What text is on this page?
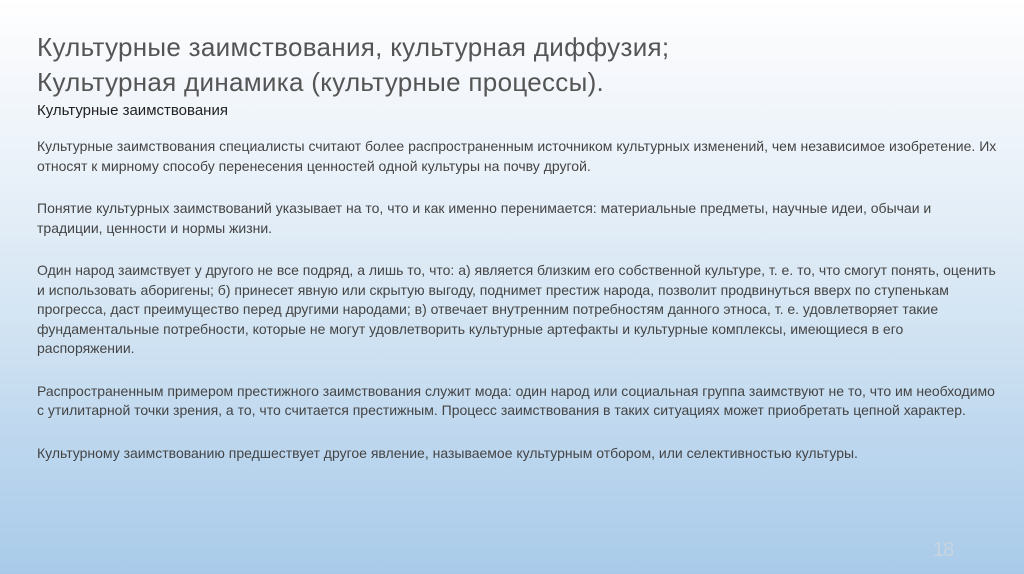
Культурные заимствования, культурная диффузия;
Культурная динамика (культурные процессы).
Культурные заимствования

Культурные заимствования специалисты считают более распространенным источником культурных изменений, чем независимое изобретение. Их относят к мирному способу перенесения ценностей одной культуры на почву другой.

Понятие культурных заимствований указывает на то, что и как именно перенимается: материальные предметы, научные идеи, обычаи и традиции, ценности и нормы жизни.

Один народ заимствует у другого не все подряд, а лишь то, что: а) является близким его собственной культуре, т. е. то, что смогут понять, оценить и использовать аборигены; б) принесет явную или скрытую выгоду, поднимет престиж народа, позволит продвинуться вверх по ступенькам прогресса, даст преимущество перед другими народами; в) отвечает внутренним потребностям данного этноса, т. е. удовлетворяет такие фундаментальные потребности, которые не могут удовлетворить культурные артефакты и культурные комплексы, имеющиеся в его распоряжении.

Распространенным примером престижного заимствования служит мода: один народ или социальная группа заимствуют не то, что им необходимо с утилитарной точки зрения, а то, что считается престижным. Процесс заимствования в таких ситуациях может приобретать цепной характер.

Культурному заимствованию предшествует другое явление, называемое культурным отбором, или селективностью культуры.

18
